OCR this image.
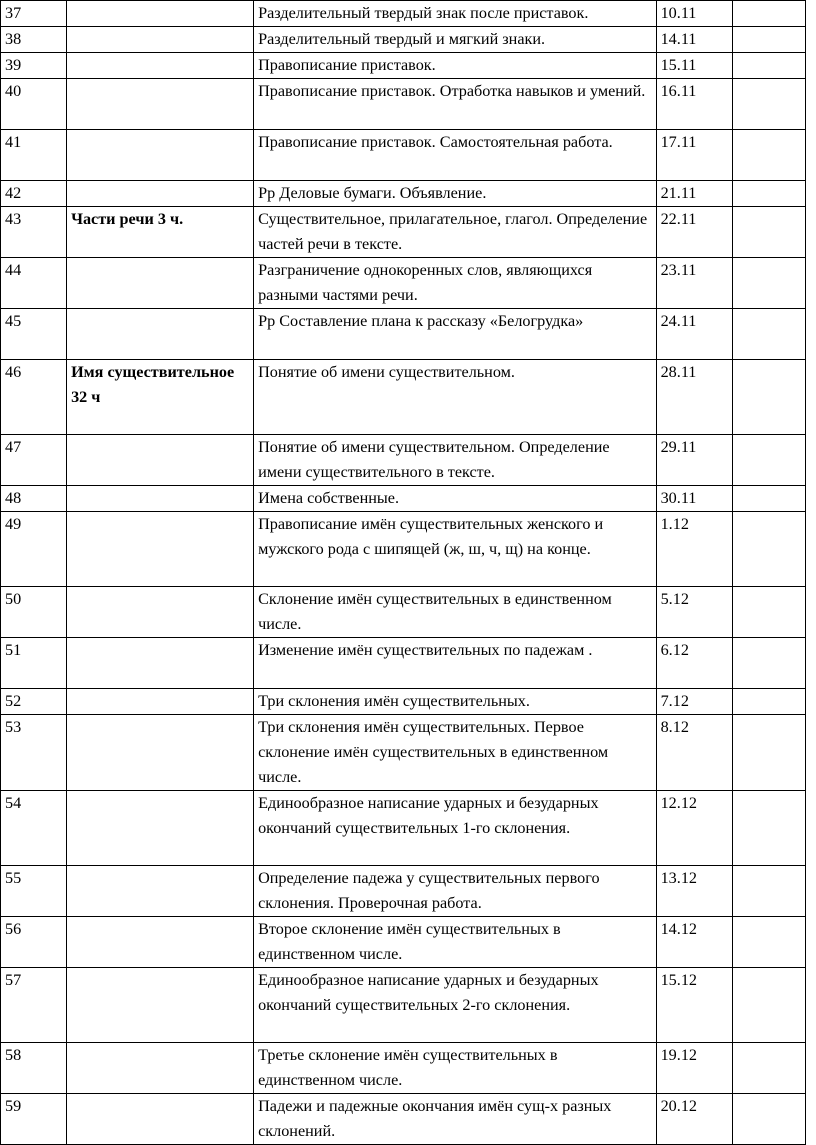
37		Разделительный твердый знак после приставок.	10.11	
38		Разделительный твердый и мягкий знаки.	14.11	
39		Правописание приставок.	15.11	
40		Правописание приставок. Отработка навыков и умений.	16.11	
41		Правописание приставок. Самостоятельная работа.	17.11	
42		Рр Деловые бумаги. Объявление.	21.11	
43	Части речи 3 ч.	Существительное, прилагательное, глагол. Определение частей речи в тексте.	22.11	
44		Разграничение однокоренных слов, являющихся разными частями речи.	23.11	
45		Рр Составление плана к рассказу «Белогрудка»	24.11	
46	Имя существительное 32 ч	Понятие об имени существительном.	28.11	
47		Понятие об имени существительном. Определение имени существительного в тексте.	29.11	
48		Имена собственные.	30.11	
49		Правописание имён существительных женского и мужского рода с шипящей (ж, ш, ч, щ) на конце.	1.12	
50		Склонение имён существительных в единственном числе.	5.12	
51		Изменение имён существительных по падежам .	6.12	
52		Три склонения имён существительных.	7.12	
53		Три склонения имён существительных. Первое склонение имён существительных в единственном числе.	8.12	
54		Единообразное написание ударных и безударных окончаний существительных 1-го склонения.	12.12	
55		Определение падежа у существительных первого склонения. Проверочная работа.	13.12	
56		Второе склонение имён существительных в единственном числе.	14.12	
57		Единообразное написание ударных и безударных окончаний существительных 2-го склонения.	15.12	
58		Третье склонение имён существительных в единственном числе.	19.12	
59		Падежи и падежные окончания имён сущ-х разных склонений.	20.12	
